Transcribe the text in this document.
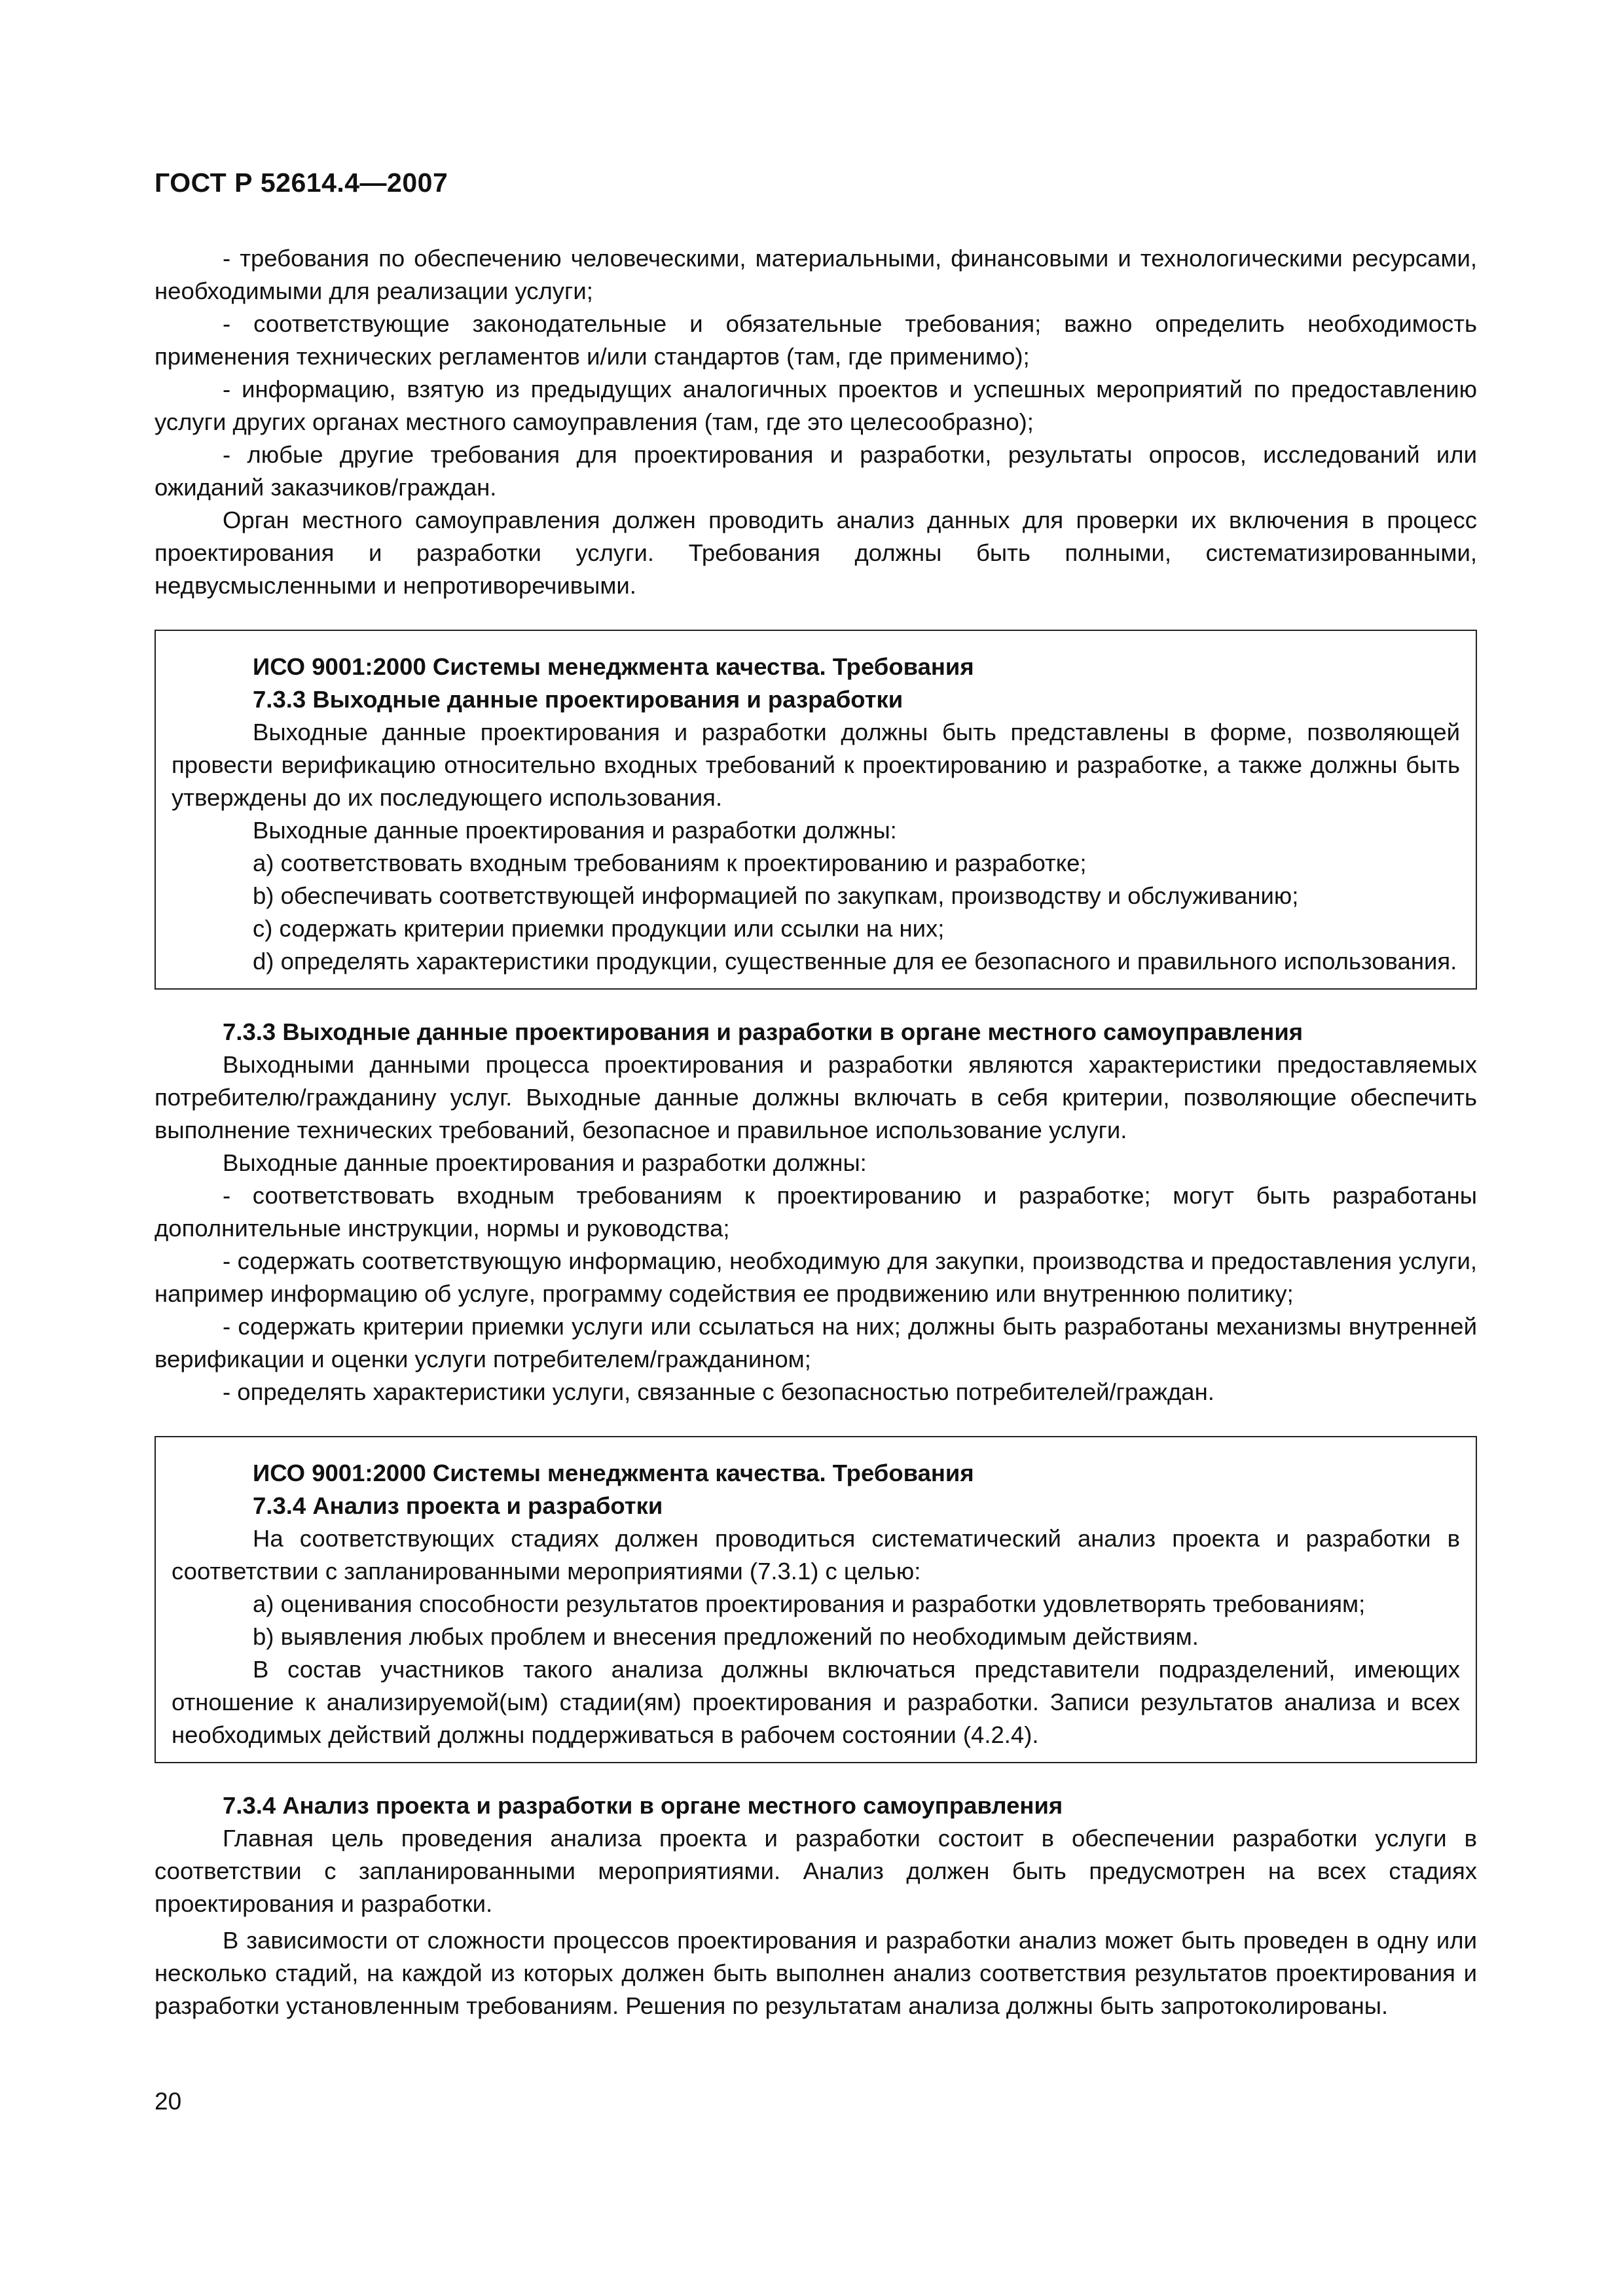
ГОСТ Р 52614.4—2007

- требования по обеспечению человеческими, материальными, финансовыми и технологическими ресурсами, необходимыми для реализации услуги;

- соответствующие законодательные и обязательные требования; важно определить необходимость применения технических регламентов и/или стандартов (там, где применимо);

- информацию, взятую из предыдущих аналогичных проектов и успешных мероприятий по предоставлению услуги других органах местного самоуправления (там, где это целесообразно);

- любые другие требования для проектирования и разработки, результаты опросов, исследований или ожиданий заказчиков/граждан.

Орган местного самоуправления должен проводить анализ данных для проверки их включения в процесс проектирования и разработки услуги. Требования должны быть полными, систематизированными, недвусмысленными и непротиворечивыми.

ИСО 9001:2000 Системы менеджмента качества. Требования

7.3.3 Выходные данные проектирования и разработки

Выходные данные проектирования и разработки должны быть представлены в форме, позволяющей провести верификацию относительно входных требований к проектированию и разработке, а также должны быть утверждены до их последующего использования.

Выходные данные проектирования и разработки должны:

a) соответствовать входным требованиям к проектированию и разработке;

b) обеспечивать соответствующей информацией по закупкам, производству и обслуживанию;

c) содержать критерии приемки продукции или ссылки на них;

d) определять характеристики продукции, существенные для ее безопасного и правильного использования.

7.3.3 Выходные данные проектирования и разработки в органе местного самоуправления

Выходными данными процесса проектирования и разработки являются характеристики предоставляемых потребителю/гражданину услуг. Выходные данные должны включать в себя критерии, позволяющие обеспечить выполнение технических требований, безопасное и правильное использование услуги.

Выходные данные проектирования и разработки должны:

- соответствовать входным требованиям к проектированию и разработке; могут быть разработаны дополнительные инструкции, нормы и руководства;

- содержать соответствующую информацию, необходимую для закупки, производства и предоставления услуги, например информацию об услуге, программу содействия ее продвижению или внутреннюю политику;

- содержать критерии приемки услуги или ссылаться на них; должны быть разработаны механизмы внутренней верификации и оценки услуги потребителем/гражданином;

- определять характеристики услуги, связанные с безопасностью потребителей/граждан.

ИСО 9001:2000 Системы менеджмента качества. Требования

7.3.4 Анализ проекта и разработки

На соответствующих стадиях должен проводиться систематический анализ проекта и разработки в соответствии с запланированными мероприятиями (7.3.1) с целью:

a) оценивания способности результатов проектирования и разработки удовлетворять требованиям;

b) выявления любых проблем и внесения предложений по необходимым действиям.

В состав участников такого анализа должны включаться представители подразделений, имеющих отношение к анализируемой(ым) стадии(ям) проектирования и разработки. Записи результатов анализа и всех необходимых действий должны поддерживаться в рабочем состоянии (4.2.4).

7.3.4 Анализ проекта и разработки в органе местного самоуправления

Главная цель проведения анализа проекта и разработки состоит в обеспечении разработки услуги в соответствии с запланированными мероприятиями. Анализ должен быть предусмотрен на всех стадиях проектирования и разработки.

В зависимости от сложности процессов проектирования и разработки анализ может быть проведен в одну или несколько стадий, на каждой из которых должен быть выполнен анализ соответствия результатов проектирования и разработки установленным требованиям. Решения по результатам анализа должны быть запротоколированы.

20
